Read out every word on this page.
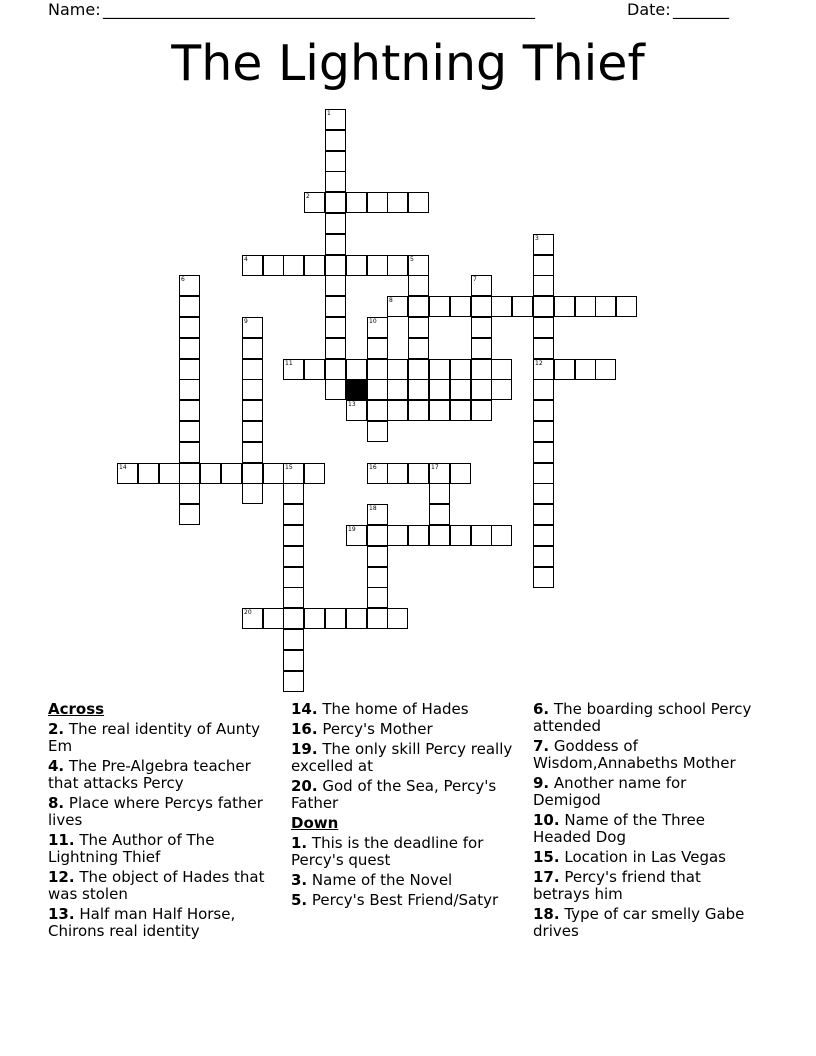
Name: ______________________________________________________	Date: _______
The Lightning Thief
1
2
3
12
4	5
6	7
8
9	10
11
13
14	15	16	17
18
19
20
Across
2. The real identity of Aunty Em
4. The Pre-Algebra teacher that attacks Percy
8. Place where Percys father lives
11. The Author of The Lightning Thief
12. The object of Hades that was stolen
13. Half man Half Horse, Chirons real identity
14. The home of Hades
16. Percy's Mother
19. The only skill Percy really excelled at
20. God of the Sea, Percy's Father
Down
1. This is the deadline for Percy's quest
3. Name of the Novel
5. Percy's Best Friend/Satyr
6. The boarding school Percy attended
7. Goddess of Wisdom,Annabeths Mother
9. Another name for Demigod
10. Name of the Three Headed Dog
15. Location in Las Vegas
17. Percy's friend that betrays him
18. Type of car smelly Gabe drives
